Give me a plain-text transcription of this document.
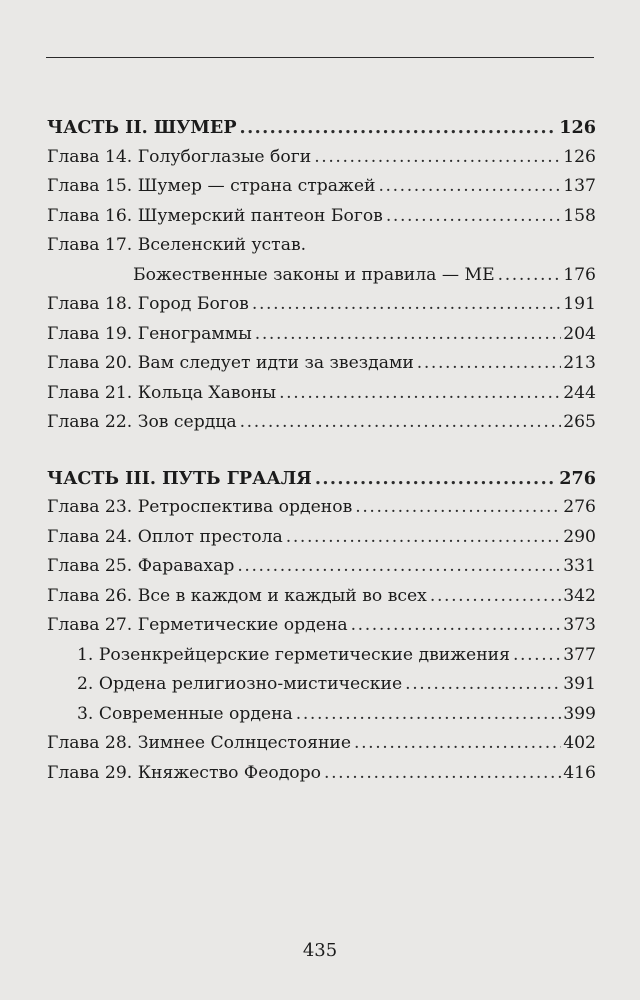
ЧАСТЬ II. ШУМЕР .....	126
Глава 14. Голубоглазые боги .....	126
Глава 15. Шумер — страна стражей .....	137
Глава 16. Шумерский пантеон Богов .....	158
Глава 17. Вселенский устав.
Божественные законы и правила — МЕ .....	176
Глава 18. Город Богов .....	191
Глава 19. Генограммы .....	204
Глава 20. Вам следует идти за звездами .....	213
Глава 21. Кольца Хавоны .....	244
Глава 22. Зов сердца .....	265
ЧАСТЬ III. ПУТЬ ГРААЛЯ .....	276
Глава 23. Ретроспектива орденов .....	276
Глава 24. Оплот престола .....	290
Глава 25. Фаравахар .....	331
Глава 26. Все в каждом и каждый во всех .....	342
Глава 27. Герметические ордена .....	373
1. Розенкрейцерские герметические движения .....	377
2. Ордена религиозно-мистические .....	391
3. Современные ордена .....	399
Глава 28. Зимнее Солнцестояние .....	402
Глава 29. Княжество Феодоро .....	416
435
